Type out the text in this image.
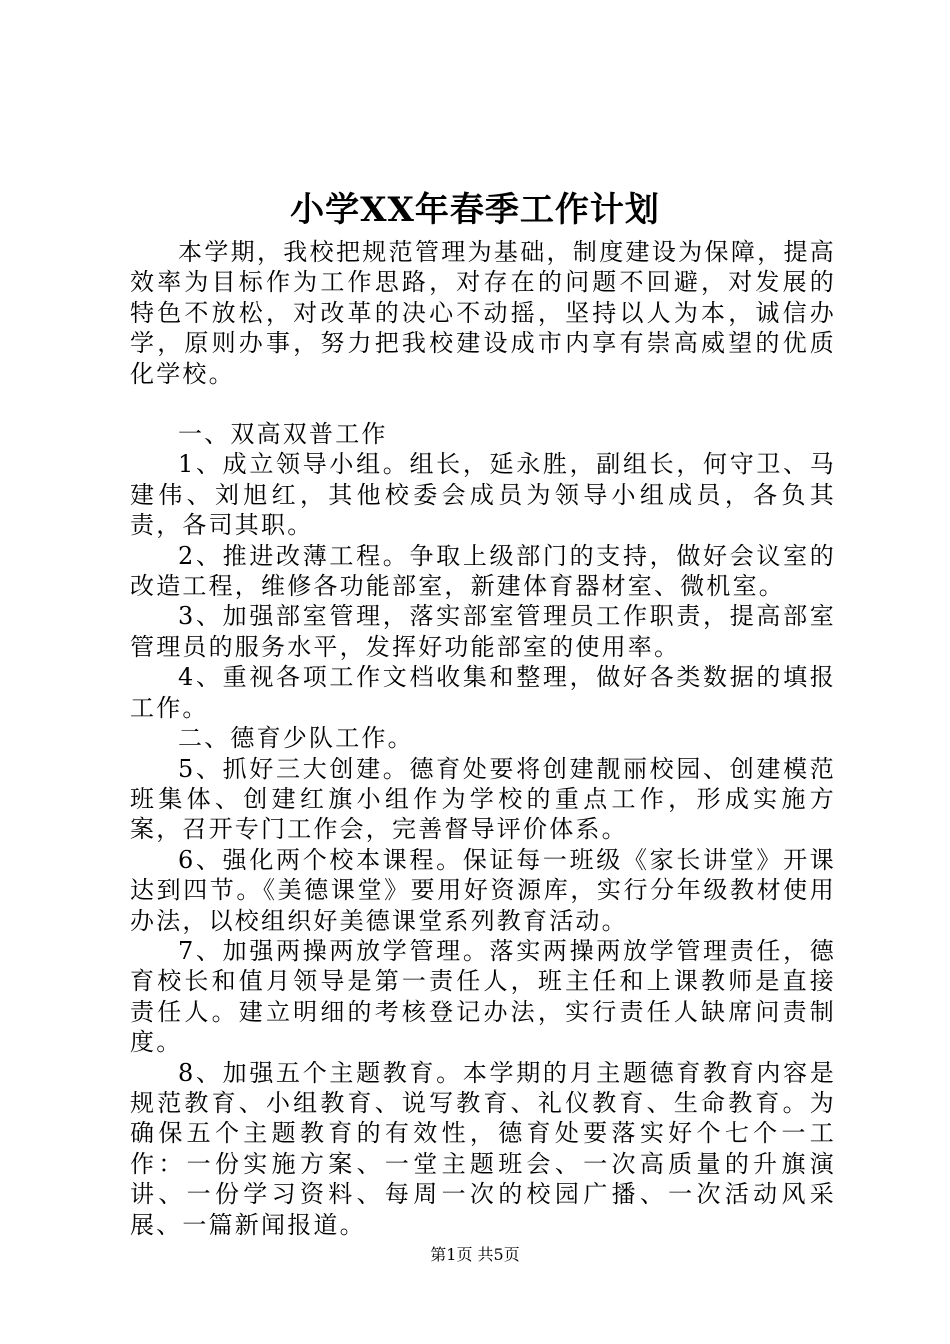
小学XX年春季工作计划

本学期，我校把规范管理为基础，制度建设为保障，提高效率为目标作为工作思路，对存在的问题不回避，对发展的特色不放松，对改革的决心不动摇，坚持以人为本，诚信办学，原则办事，努力把我校建设成市内享有崇高威望的优质化学校。

一、双高双普工作

1、成立领导小组。组长，延永胜，副组长，何守卫、马建伟、刘旭红，其他校委会成员为领导小组成员，各负其责，各司其职。

2、推进改薄工程。争取上级部门的支持，做好会议室的改造工程，维修各功能部室，新建体育器材室、微机室。

3、加强部室管理，落实部室管理员工作职责，提高部室管理员的服务水平，发挥好功能部室的使用率。

4、重视各项工作文档收集和整理，做好各类数据的填报工作。

二、德育少队工作。

5、抓好三大创建。德育处要将创建靓丽校园、创建模范班集体、创建红旗小组作为学校的重点工作，形成实施方案，召开专门工作会，完善督导评价体系。

6、强化两个校本课程。保证每一班级《家长讲堂》开课达到四节。《美德课堂》要用好资源库，实行分年级教材使用办法，以校组织好美德课堂系列教育活动。

7、加强两操两放学管理。落实两操两放学管理责任，德育校长和值月领导是第一责任人，班主任和上课教师是直接责任人。建立明细的考核登记办法，实行责任人缺席问责制度。

8、加强五个主题教育。本学期的月主题德育教育内容是规范教育、小组教育、说写教育、礼仪教育、生命教育。为确保五个主题教育的有效性，德育处要落实好个七个一工作：一份实施方案、一堂主题班会、一次高质量的升旗演讲、一份学习资料、每周一次的校园广播、一次活动风采展、一篇新闻报道。

第1页 共5页
